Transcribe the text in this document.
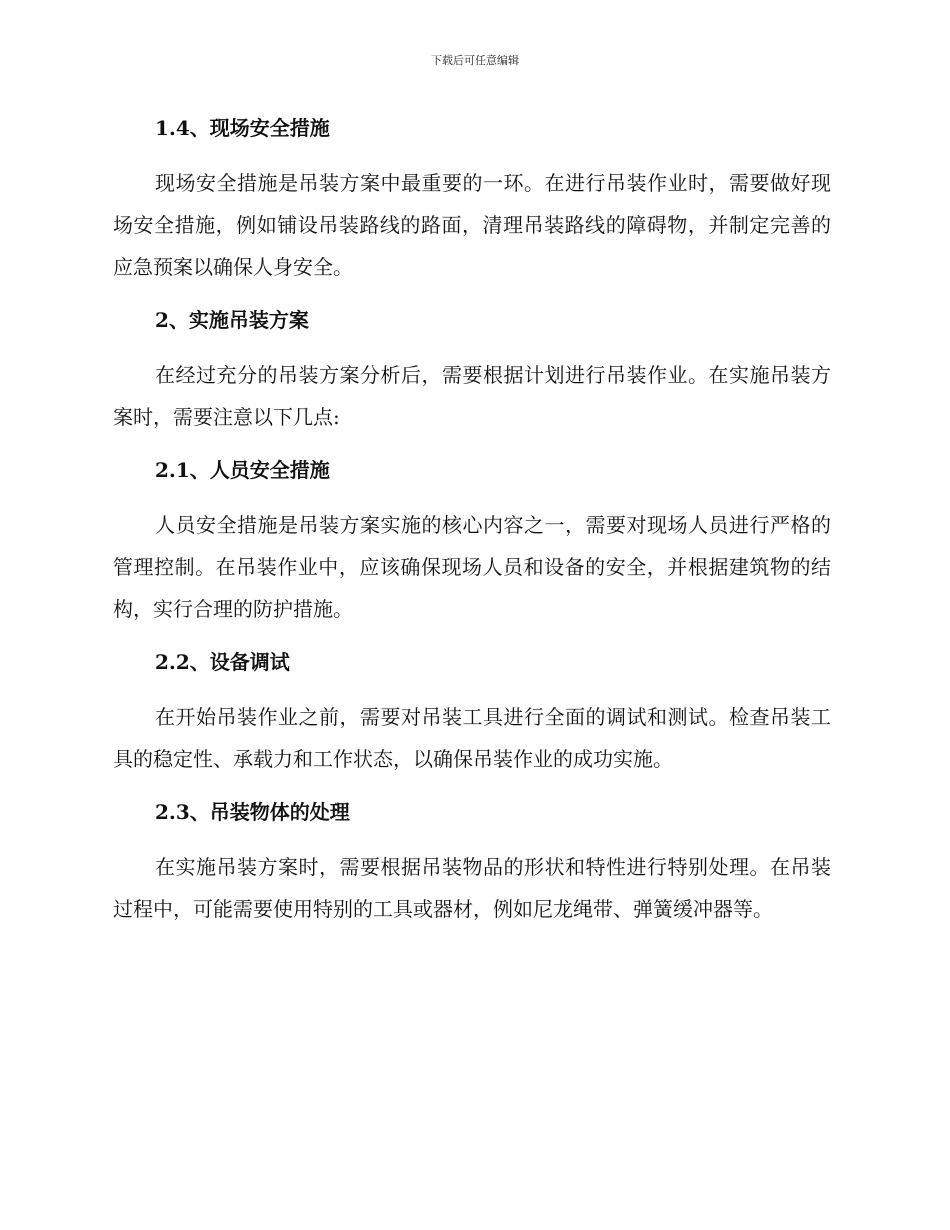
下载后可任意编辑
1.4、现场安全措施

现场安全措施是吊装方案中最重要的一环。在进行吊装作业时，需要做好现场安全措施，例如铺设吊装路线的路面，清理吊装路线的障碍物，并制定完善的应急预案以确保人身安全。

2、实施吊装方案

在经过充分的吊装方案分析后，需要根据计划进行吊装作业。在实施吊装方案时，需要注意以下几点:

2.1、人员安全措施

人员安全措施是吊装方案实施的核心内容之一，需要对现场人员进行严格的管理控制。在吊装作业中，应该确保现场人员和设备的安全，并根据建筑物的结构，实行合理的防护措施。

2.2、设备调试

在开始吊装作业之前，需要对吊装工具进行全面的调试和测试。检查吊装工具的稳定性、承载力和工作状态，以确保吊装作业的成功实施。

2.3、吊装物体的处理

在实施吊装方案时，需要根据吊装物品的形状和特性进行特别处理。在吊装过程中，可能需要使用特别的工具或器材，例如尼龙绳带、弹簧缓冲器等。
